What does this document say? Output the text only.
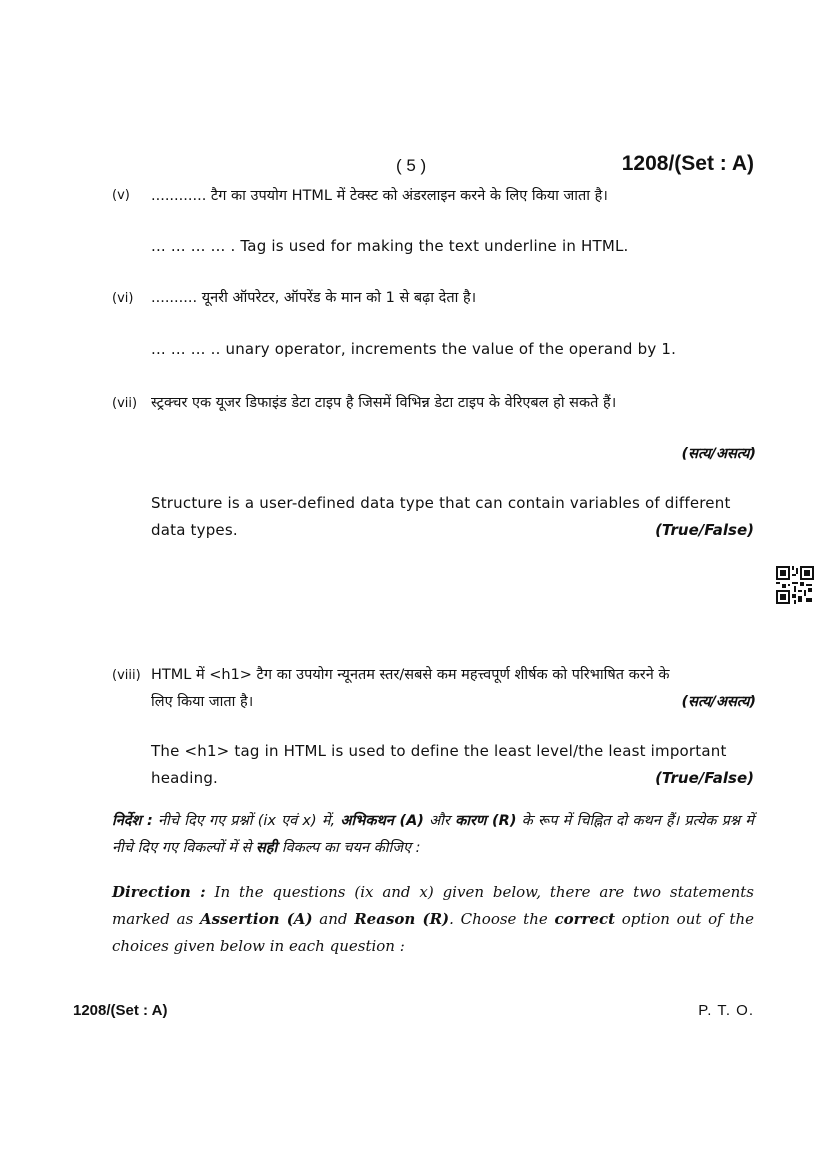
( 5 )	1208/(Set : A)
(v) ............ टैग का उपयोग HTML में टेक्स्ट को अंडरलाइन करने के लिए किया जाता है।
... ... ... ... . Tag is used for making the text underline in HTML.
(vi) .......... यूनरी ऑपरेटर, ऑपरेंड के मान को 1 से बढ़ा देता है।
... ... ... .. unary operator, increments the value of the operand by 1.
(vii) स्ट्रक्चर एक यूजर डिफाइंड डेटा टाइप है जिसमें विभिन्न डेटा टाइप के वेरिएबल हो सकते हैं।
(सत्य/असत्य)
Structure is a user-defined data type that can contain variables of different
data types.	(True/False)
(viii) HTML में <h1> टैग का उपयोग न्यूनतम स्तर/सबसे कम महत्त्वपूर्ण शीर्षक को परिभाषित करने के
लिए किया जाता है।	(सत्य/असत्य)
The <h1> tag in HTML is used to define the least level/the least important
heading.	(True/False)
निर्देश : नीचे दिए गए प्रश्नों (ix एवं x) में, अभिकथन (A) और कारण (R) के रूप में चिह्नित दो कथन हैं। प्रत्येक प्रश्न में नीचे दिए गए विकल्पों में से सही विकल्प का चयन कीजिए :
Direction : In the questions (ix and x) given below, there are two statements marked as Assertion (A) and Reason (R). Choose the correct option out of the choices given below in each question :
1208/(Set : A)	P. T. O.
